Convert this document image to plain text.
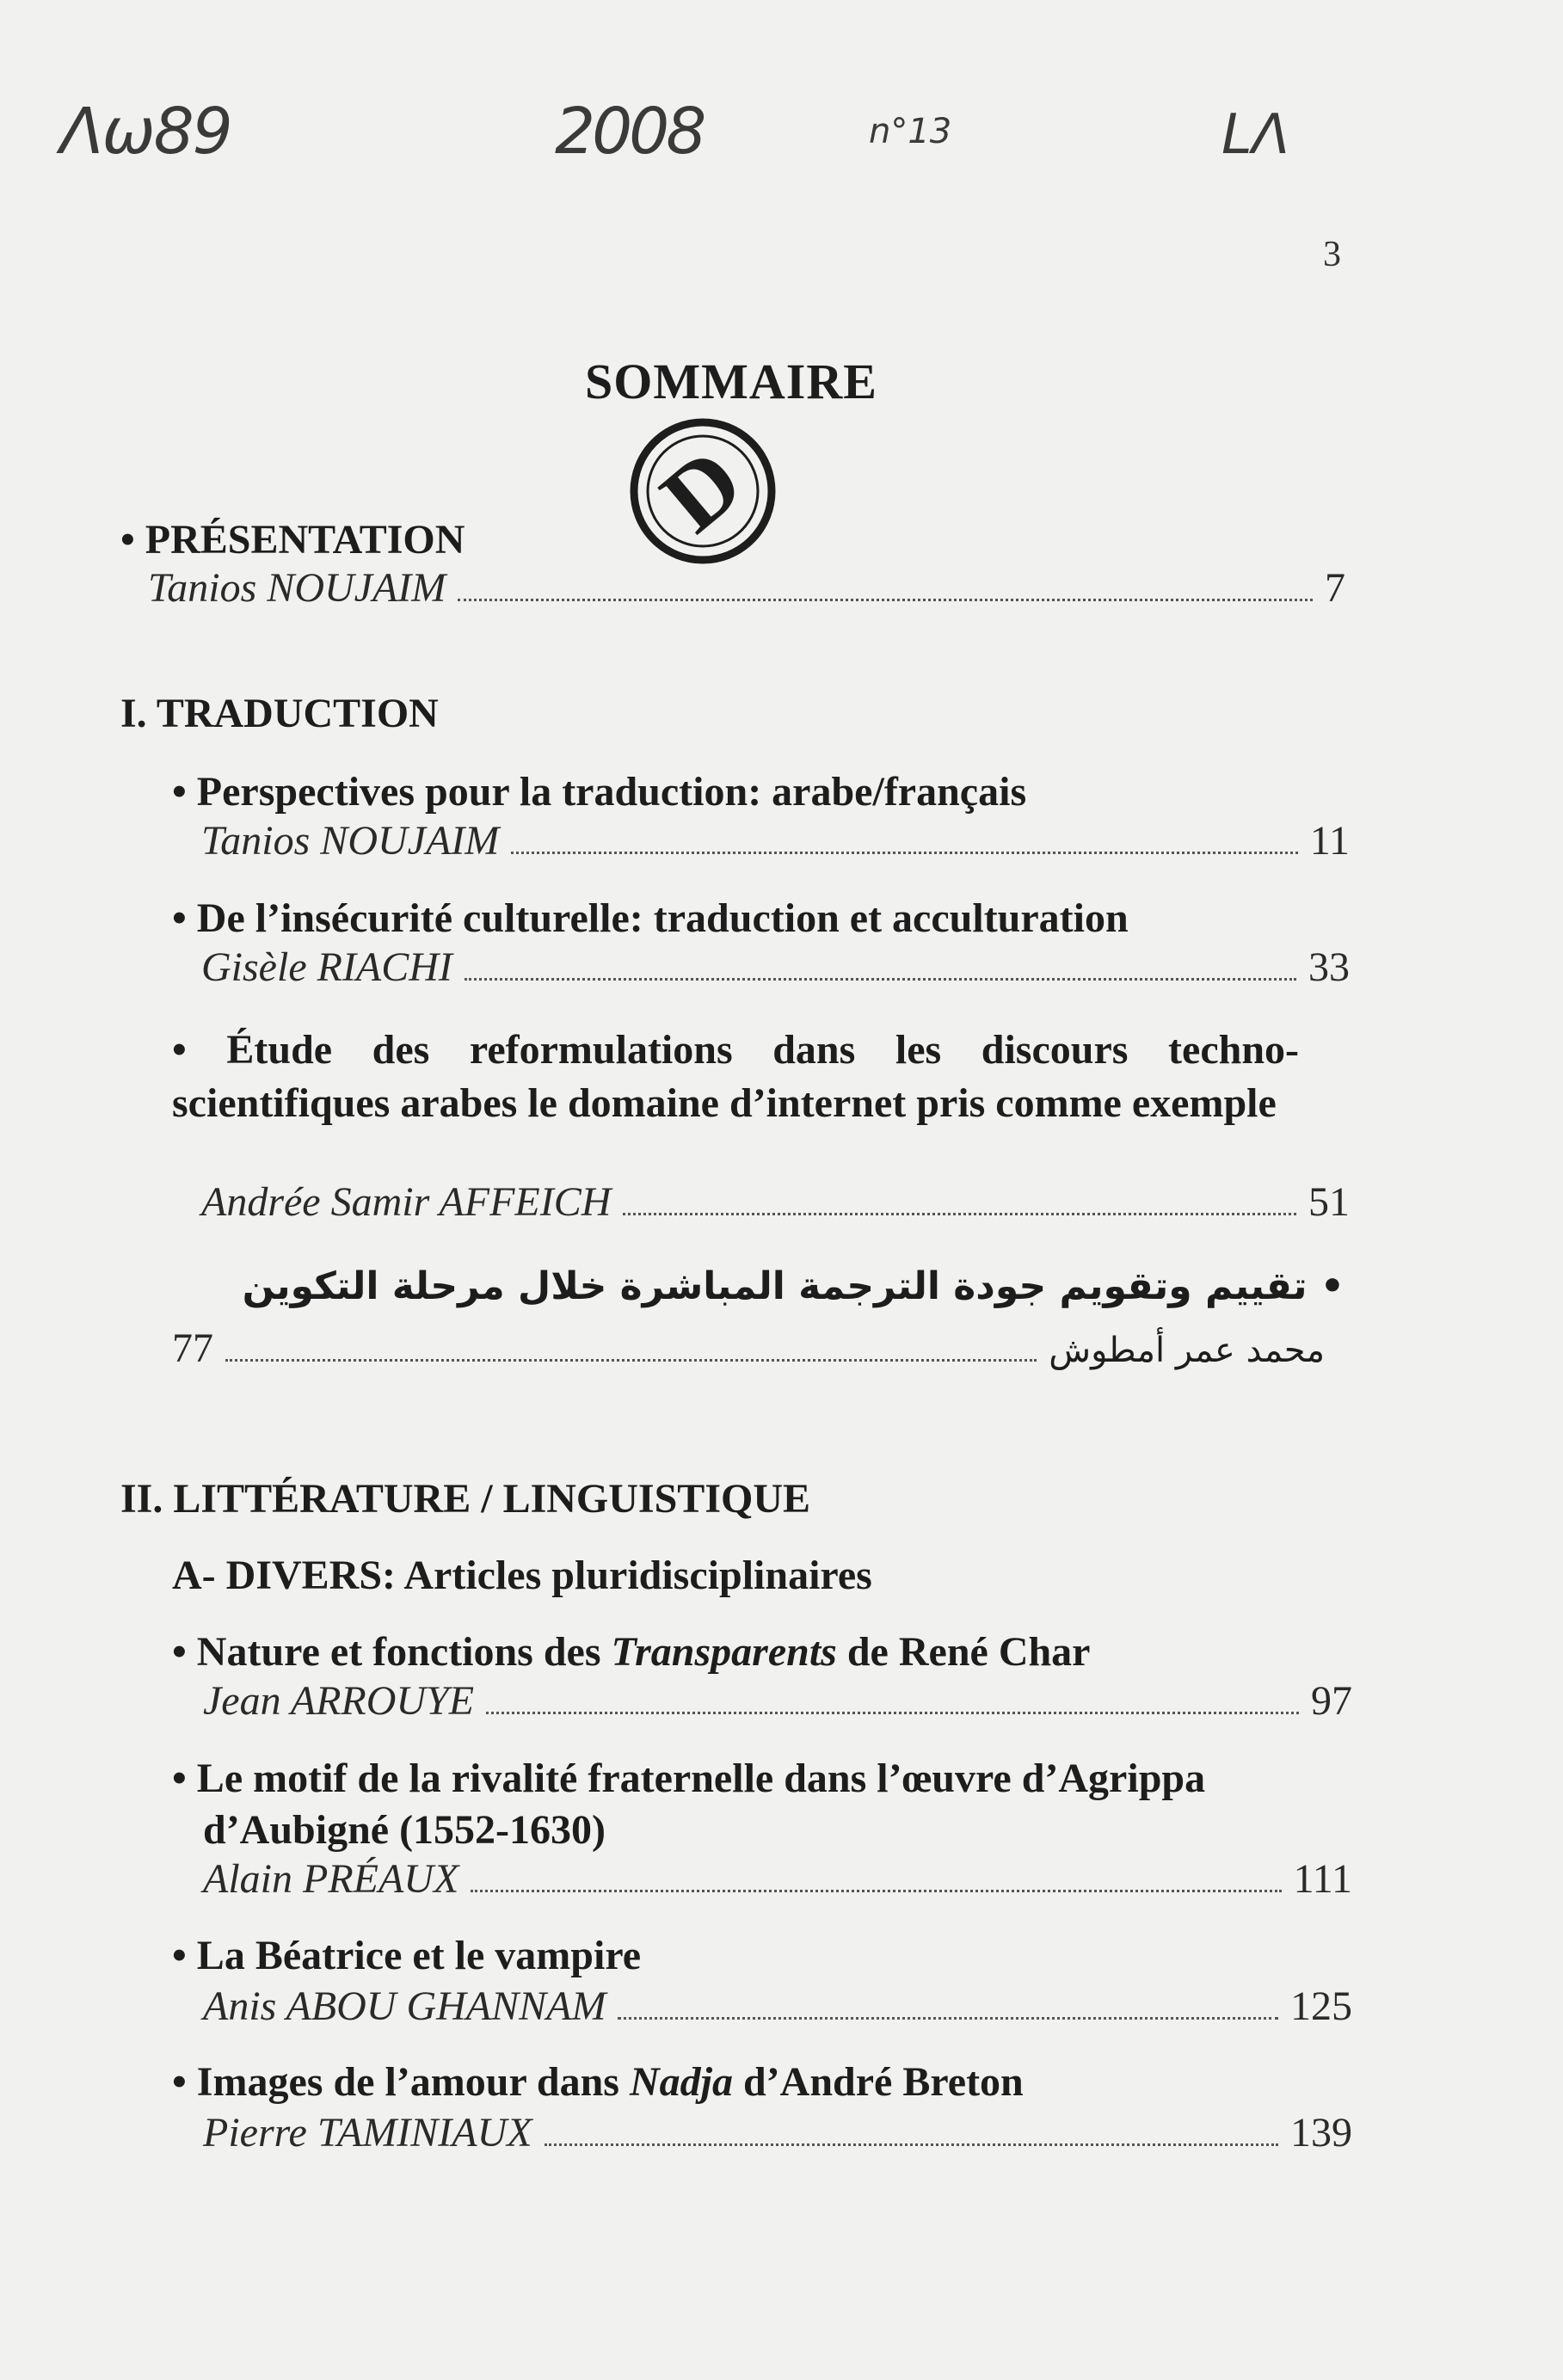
Λω89	2008	n°13	LΛ
3
SOMMAIRE
D
• PRÉSENTATION
Tanios NOUJAIM	7
I. TRADUCTION
• Perspectives pour la traduction: arabe/français
Tanios NOUJAIM	11
• De l’insécurité culturelle: traduction et acculturation
Gisèle RIACHI	33
• Étude des reformulations dans les discours techno-scientifiques arabes le domaine d’internet pris comme exemple
Andrée Samir AFFEICH	51
• تقييم وتقويم جودة الترجمة المباشرة خلال مرحلة التكوين
77	محمد عمر أمطوش
II. LITTÉRATURE / LINGUISTIQUE
A- DIVERS: Articles pluridisciplinaires
• Nature et fonctions des Transparents de René Char
Jean ARROUYE	97
• Le motif de la rivalité fraternelle dans l’œuvre d’Agrippa
d’Aubigné (1552-1630)
Alain PRÉAUX	111
• La Béatrice et le vampire
Anis ABOU GHANNAM	125
• Images de l’amour dans Nadja d’André Breton
Pierre TAMINIAUX	139
